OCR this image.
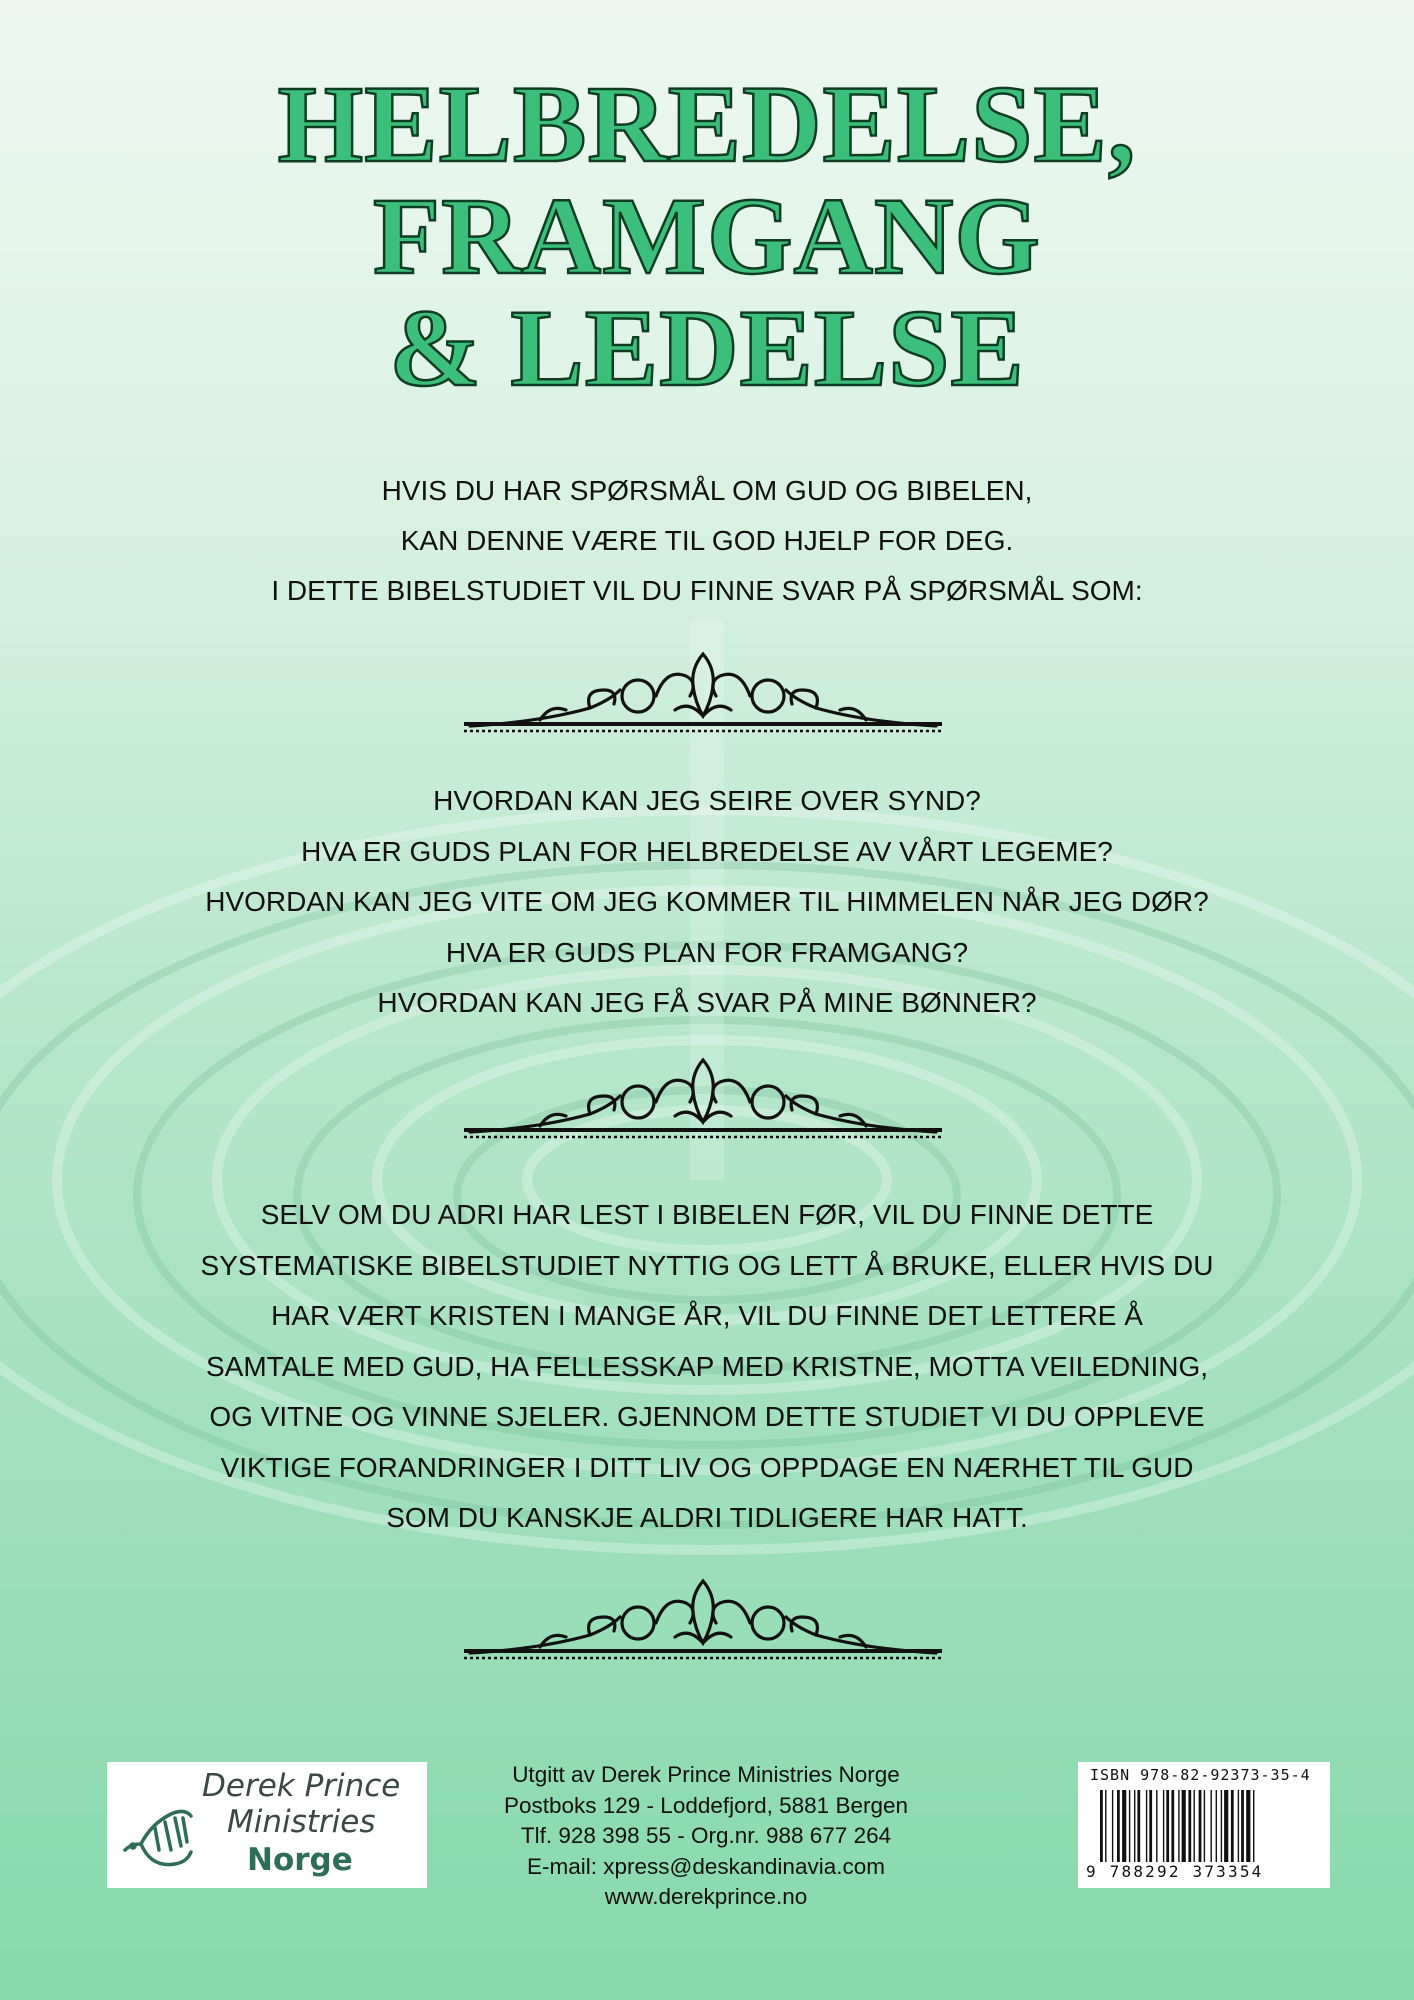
HELBREDELSE,
FRAMGANG
& LEDELSE
HVIS DU HAR SPØRSMÅL OM GUD OG BIBELEN,
KAN DENNE VÆRE TIL GOD HJELP FOR DEG.
I DETTE BIBELSTUDIET VIL DU FINNE SVAR PÅ SPØRSMÅL SOM:
HVORDAN KAN JEG SEIRE OVER SYND?
HVA ER GUDS PLAN FOR HELBREDELSE AV VÅRT LEGEME?
HVORDAN KAN JEG VITE OM JEG KOMMER TIL HIMMELEN NÅR JEG DØR?
HVA ER GUDS PLAN FOR FRAMGANG?
HVORDAN KAN JEG FÅ SVAR PÅ MINE BØNNER?
SELV OM DU ADRI HAR LEST I BIBELEN FØR, VIL DU FINNE DETTE
SYSTEMATISKE BIBELSTUDIET NYTTIG OG LETT Å BRUKE, ELLER HVIS DU
HAR VÆRT KRISTEN I MANGE ÅR, VIL DU FINNE DET LETTERE Å
SAMTALE MED GUD, HA FELLESSKAP MED KRISTNE, MOTTA VEILEDNING,
OG VITNE OG VINNE SJELER. GJENNOM DETTE STUDIET VI DU OPPLEVE
VIKTIGE FORANDRINGER I DITT LIV OG OPPDAGE EN NÆRHET TIL GUD
SOM DU KANSKJE ALDRI TIDLIGERE HAR HATT.
Derek Prince
Ministries
Norge
Utgitt av Derek Prince Ministries Norge
Postboks 129 - Loddefjord, 5881 Bergen
Tlf. 928 398 55 - Org.nr. 988 677 264
E-mail: xpress@deskandinavia.com
www.derekprince.no
ISBN 978-82-92373-35-4
9 788292 373354
